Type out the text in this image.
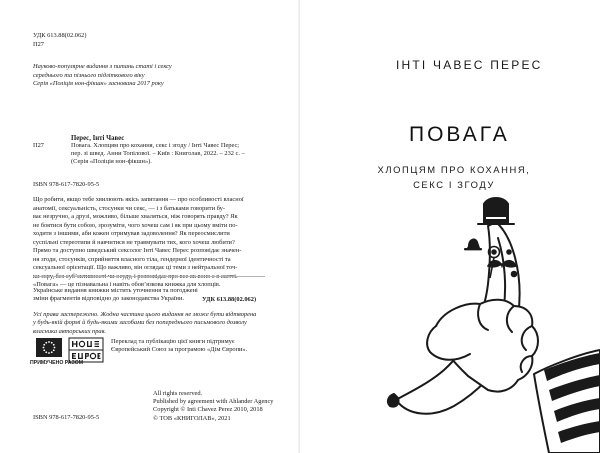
УДК 613.88(02.062)
П27
Науково-популярне видання з питань статі і сексу
середнього та пізнього підліткового віку
Серія «Поліція нон-фікшн» заснована 2017 року
Перес, Інті Чавес
П27	Повага. Хлопцям про кохання, секс і згоду / Інті Чавес Перес;
пер. зі швед. Анни Топілової. – Київ : Книголав, 2022. – 232 с. –
(Серія «Поліція нон-фікшн»).
ISBN 978-617-7820-95-5
Що робити, якщо тебе хвилюють якісь запитання — про особливості власної
анатомії, сексуальність, стосунки чи секс, — і з батьками говорити бу-
ває незручно, а друзі, можливо, більше хваляться, ніж говорять правду? Як
не боятися бути собою, зрозуміти, чого хочеш сам і як при цьому вміти по-
ходити з іншими, аби кожен отримував задоволення? Як переосмислити
суспільні стереотипи й навчитися не травмувати тих, кого хочеш любити?
Прямо та доступно шведський сексолог Інті Чавес Перес розповідає значен-
ня згоди, стосунків, сприйняття власного тіла, гендерної ідентичності та
сексуальної орієнтації. Що важливо, він оглядає ці теми з нейтральної точ-
«Повага» — це пізнавальна і навіть обов’язкова книжка для хлопців.
Українське видання книжки містить уточнення та погоджені
зміни фрагментів відповідно до законодавства України.	УДК 613.88(02.062)
Усі права застережено. Жодна частина цього видання не може бути відтворена
у будь-якій формі й будь-якими засобами без попереднього письмового дозволу
власника авторських прав.
ПРИМУЧЕНО РАЗОМ
Переклад та публікацію цієї книги підтримує
Європейський Союз за програмою «Дім Європи».
All rights reserved.
Published by agreement with Ahlander Agency
Copyright © Inti Chavez Perez 2010, 2018
© ТОВ «КНИГОЛАВ», 2021
ISBN 978-617-7820-95-5
ІНТІ ЧАВЕС ПЕРЕС
ПОВАГА
ХЛОПЦЯМ ПРО КОХАННЯ,
СЕКС І ЗГОДУ
